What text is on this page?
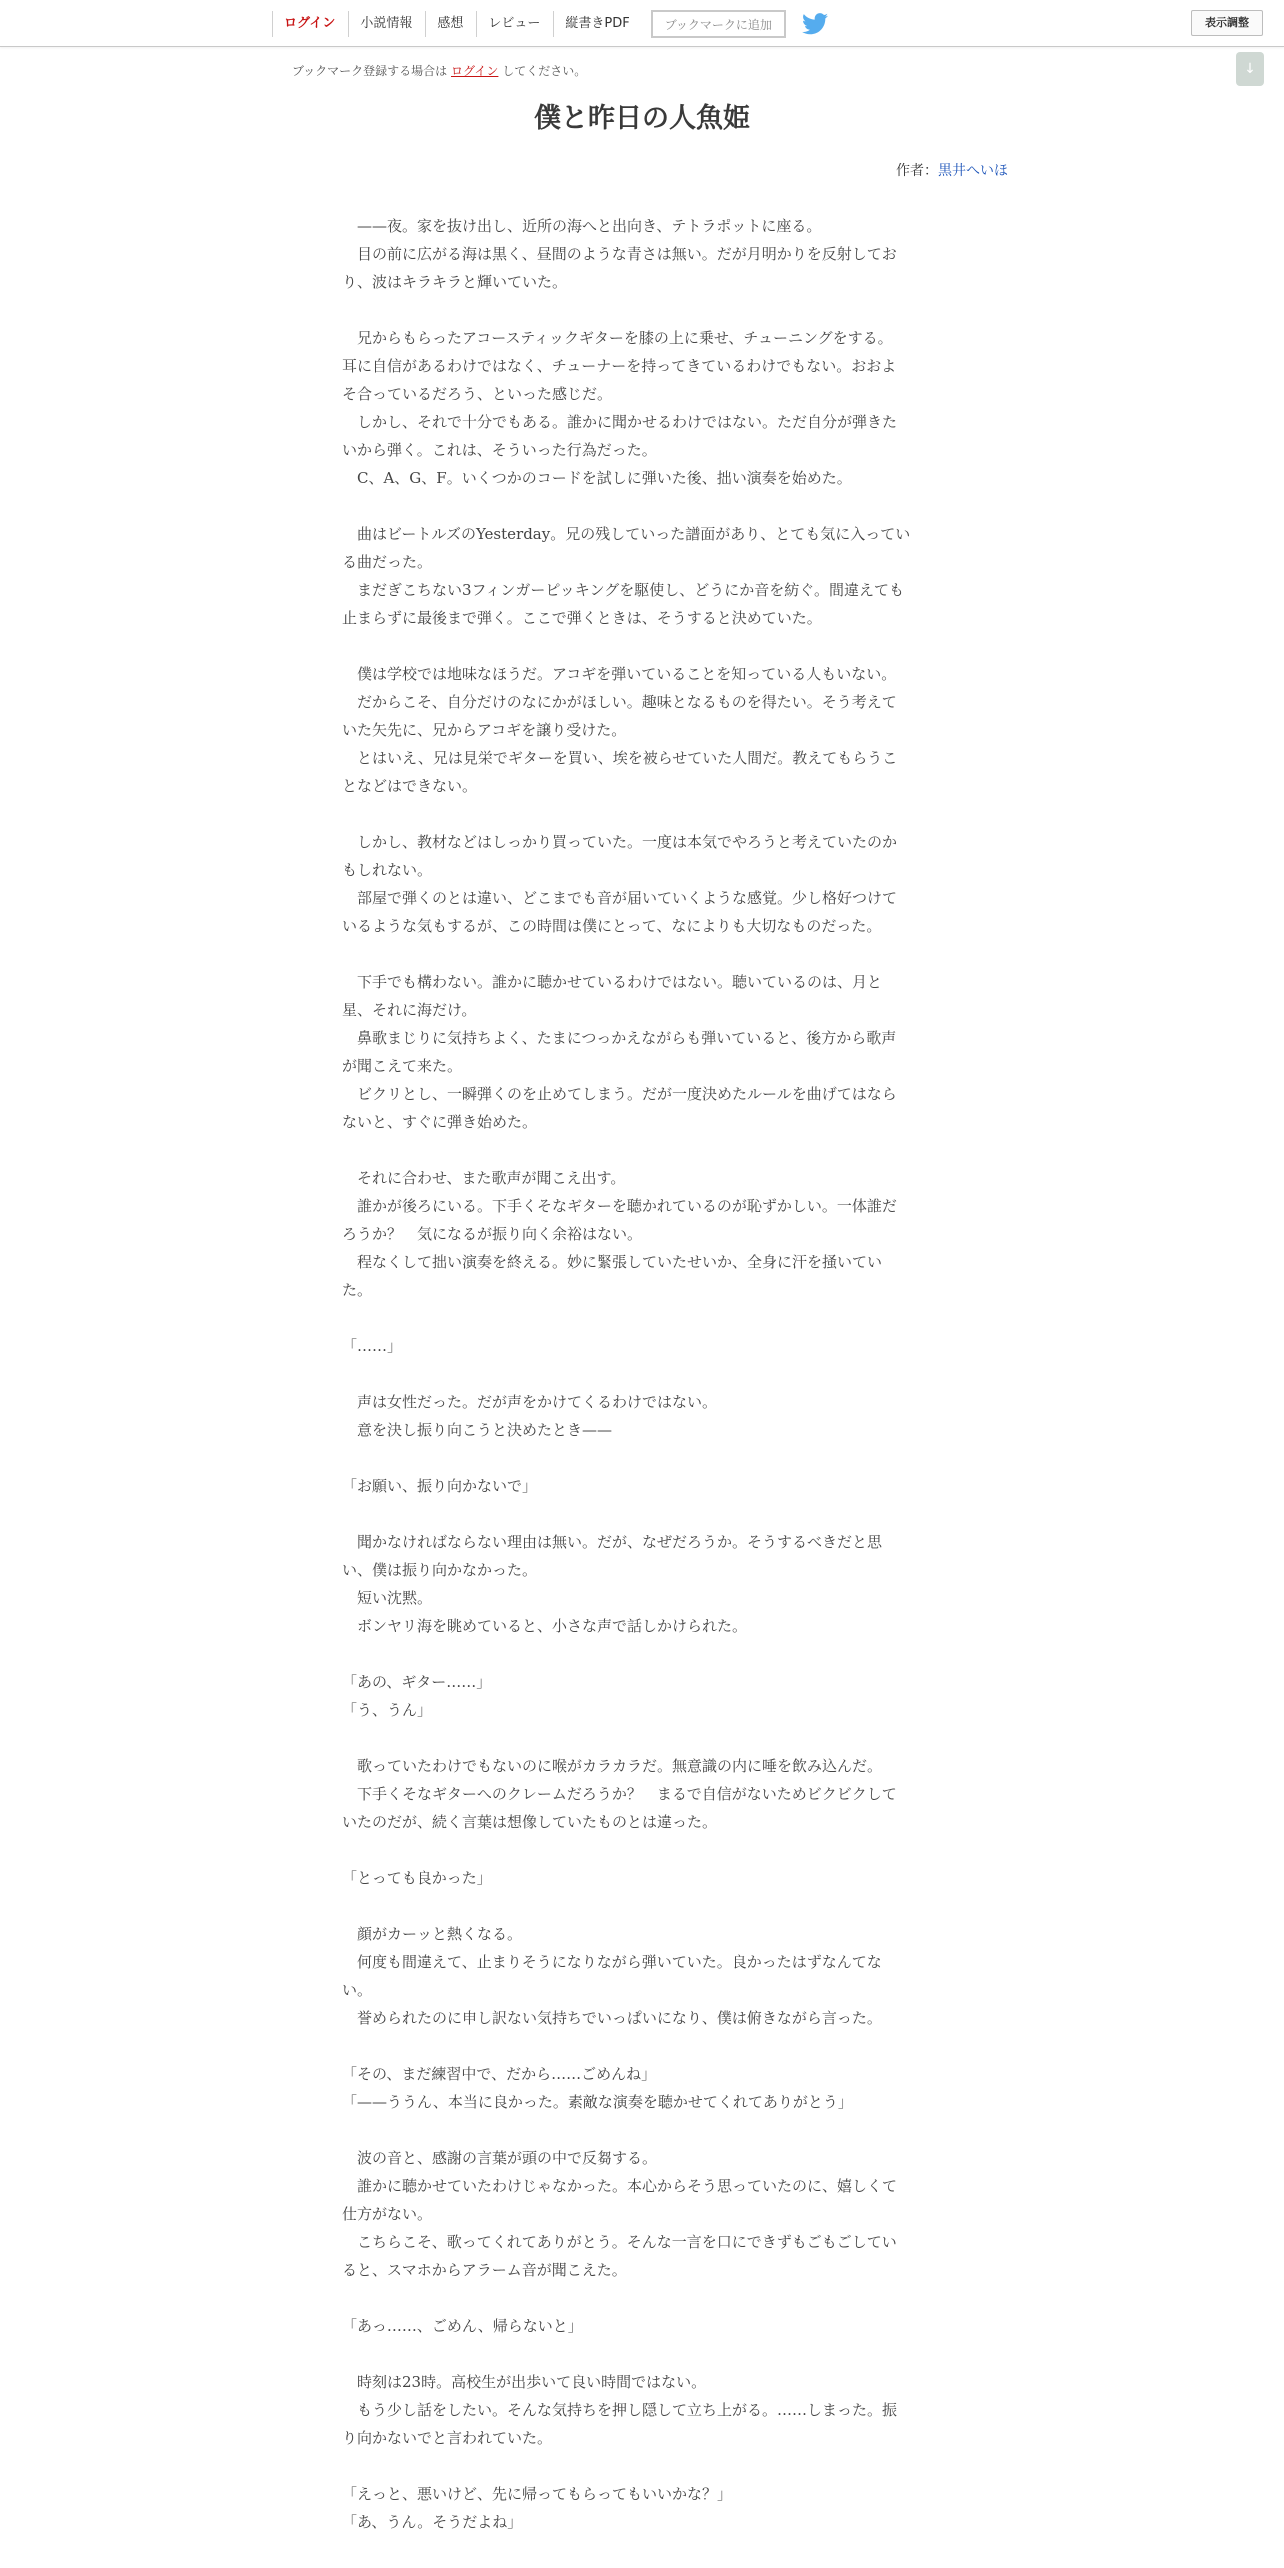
ログイン	小説情報	感想	レビュー	縦書きPDF	ブックマークに追加	表示調整
↓
ブックマーク登録する場合は ログイン してください。
僕と昨日の人魚姫
作者：黒井へいほ
　——夜。家を抜け出し、近所の海へと出向き、テトラポットに座る。
　目の前に広がる海は黒く、昼間のような青さは無い。だが月明かりを反射してお
り、波はキラキラと輝いていた。
　兄からもらったアコースティックギターを膝の上に乗せ、チューニングをする。
耳に自信があるわけではなく、チューナーを持ってきているわけでもない。おおよ
そ合っているだろう、といった感じだ。
　しかし、それで十分でもある。誰かに聞かせるわけではない。ただ自分が弾きた
いから弾く。これは、そういった行為だった。
　C、A、G、F。いくつかのコードを試しに弾いた後、拙い演奏を始めた。
　曲はビートルズのYesterday。兄の残していった譜面があり、とても気に入ってい
る曲だった。
　まだぎこちない3フィンガーピッキングを駆使し、どうにか音を紡ぐ。間違えても
止まらずに最後まで弾く。ここで弾くときは、そうすると決めていた。
　僕は学校では地味なほうだ。アコギを弾いていることを知っている人もいない。
　だからこそ、自分だけのなにかがほしい。趣味となるものを得たい。そう考えて
いた矢先に、兄からアコギを譲り受けた。
　とはいえ、兄は見栄でギターを買い、埃を被らせていた人間だ。教えてもらうこ
となどはできない。
　しかし、教材などはしっかり買っていた。一度は本気でやろうと考えていたのか
もしれない。
　部屋で弾くのとは違い、どこまでも音が届いていくような感覚。少し格好つけて
いるような気もするが、この時間は僕にとって、なによりも大切なものだった。
　下手でも構わない。誰かに聴かせているわけではない。聴いているのは、月と
星、それに海だけ。
　鼻歌まじりに気持ちよく、たまにつっかえながらも弾いていると、後方から歌声
が聞こえて来た。
　ビクリとし、一瞬弾くのを止めてしまう。だが一度決めたルールを曲げてはなら
ないと、すぐに弾き始めた。
　それに合わせ、また歌声が聞こえ出す。
　誰かが後ろにいる。下手くそなギターを聴かれているのが恥ずかしい。一体誰だ
ろうか？　気になるが振り向く余裕はない。
　程なくして拙い演奏を終える。妙に緊張していたせいか、全身に汗を掻いてい
た。
「……」
　声は女性だった。だが声をかけてくるわけではない。
　意を決し振り向こうと決めたとき——
「お願い、振り向かないで」
　聞かなければならない理由は無い。だが、なぜだろうか。そうするべきだと思
い、僕は振り向かなかった。
　短い沈黙。
　ボンヤリ海を眺めていると、小さな声で話しかけられた。
「あの、ギター……」
「う、うん」
　歌っていたわけでもないのに喉がカラカラだ。無意識の内に唾を飲み込んだ。
　下手くそなギターへのクレームだろうか？　まるで自信がないためビクビクして
いたのだが、続く言葉は想像していたものとは違った。
「とっても良かった」
　顔がカーッと熱くなる。
　何度も間違えて、止まりそうになりながら弾いていた。良かったはずなんてな
い。
　誉められたのに申し訳ない気持ちでいっぱいになり、僕は俯きながら言った。
「その、まだ練習中で、だから……ごめんね」
「——ううん、本当に良かった。素敵な演奏を聴かせてくれてありがとう」
　波の音と、感謝の言葉が頭の中で反芻する。
　誰かに聴かせていたわけじゃなかった。本心からそう思っていたのに、嬉しくて
仕方がない。
　こちらこそ、歌ってくれてありがとう。そんな一言を口にできずもごもごしてい
ると、スマホからアラーム音が聞こえた。
「あっ……、ごめん、帰らないと」
　時刻は23時。高校生が出歩いて良い時間ではない。
　もう少し話をしたい。そんな気持ちを押し隠して立ち上がる。……しまった。振
り向かないでと言われていた。
「えっと、悪いけど、先に帰ってもらってもいいかな？」
「あ、うん。そうだよね」
